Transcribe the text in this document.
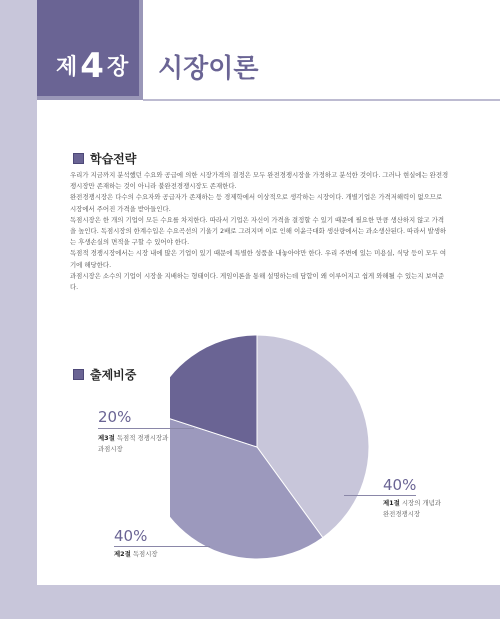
제4 장 시장이론
학습전략

우리가 지금까지 분석했던 수요와 공급에 의한 시장가격의 결정은 모두 완전경쟁시장을 가정하고 분석한 것이다. 그러나 현실에는 완전경쟁시장만 존재하는 것이 아니라 불완전경쟁시장도 존재한다.

완전경쟁시장은 다수의 수요자와 공급자가 존재하는 등 경제학에서 이상적으로 생각하는 시장이다. 개별기업은 가격저해력이 없으므로 시장에서 주어진 가격을 받아들인다.

독점시장은 한 개의 기업이 모든 수요를 차지한다. 따라서 기업은 자신이 가격을 결정할 수 있기 때문에 필요한 만큼 생산하지 않고 가격을 높인다. 독점시장의 한계수입은 수요곡선의 기울기 2배로 그려지며 이로 인해 이윤극대화 생산량에서는 과소생산된다. 따라서 발생하는 후생손실의 면적을 구할 수 있어야 한다.

독점적 경쟁시장에서는 시장 내에 많은 기업이 있기 때문에 특별한 성품을 내놓아야만 한다. 우리 주변에 있는 미용실, 식당 등이 모두 여기에 해당한다.

과점시장은 소수의 기업이 시장을 지배하는 형태이다. 게임이론을 통해 설명하는데 담합이 왜 이루어지고 쉽게 와해될 수 있는지 보여준다.

출제비중
20%
제3절 독점적 경쟁시장과
과점시장
40%
제1절 시장의 개념과
완전경쟁시장
40%
제2절 독점시장
